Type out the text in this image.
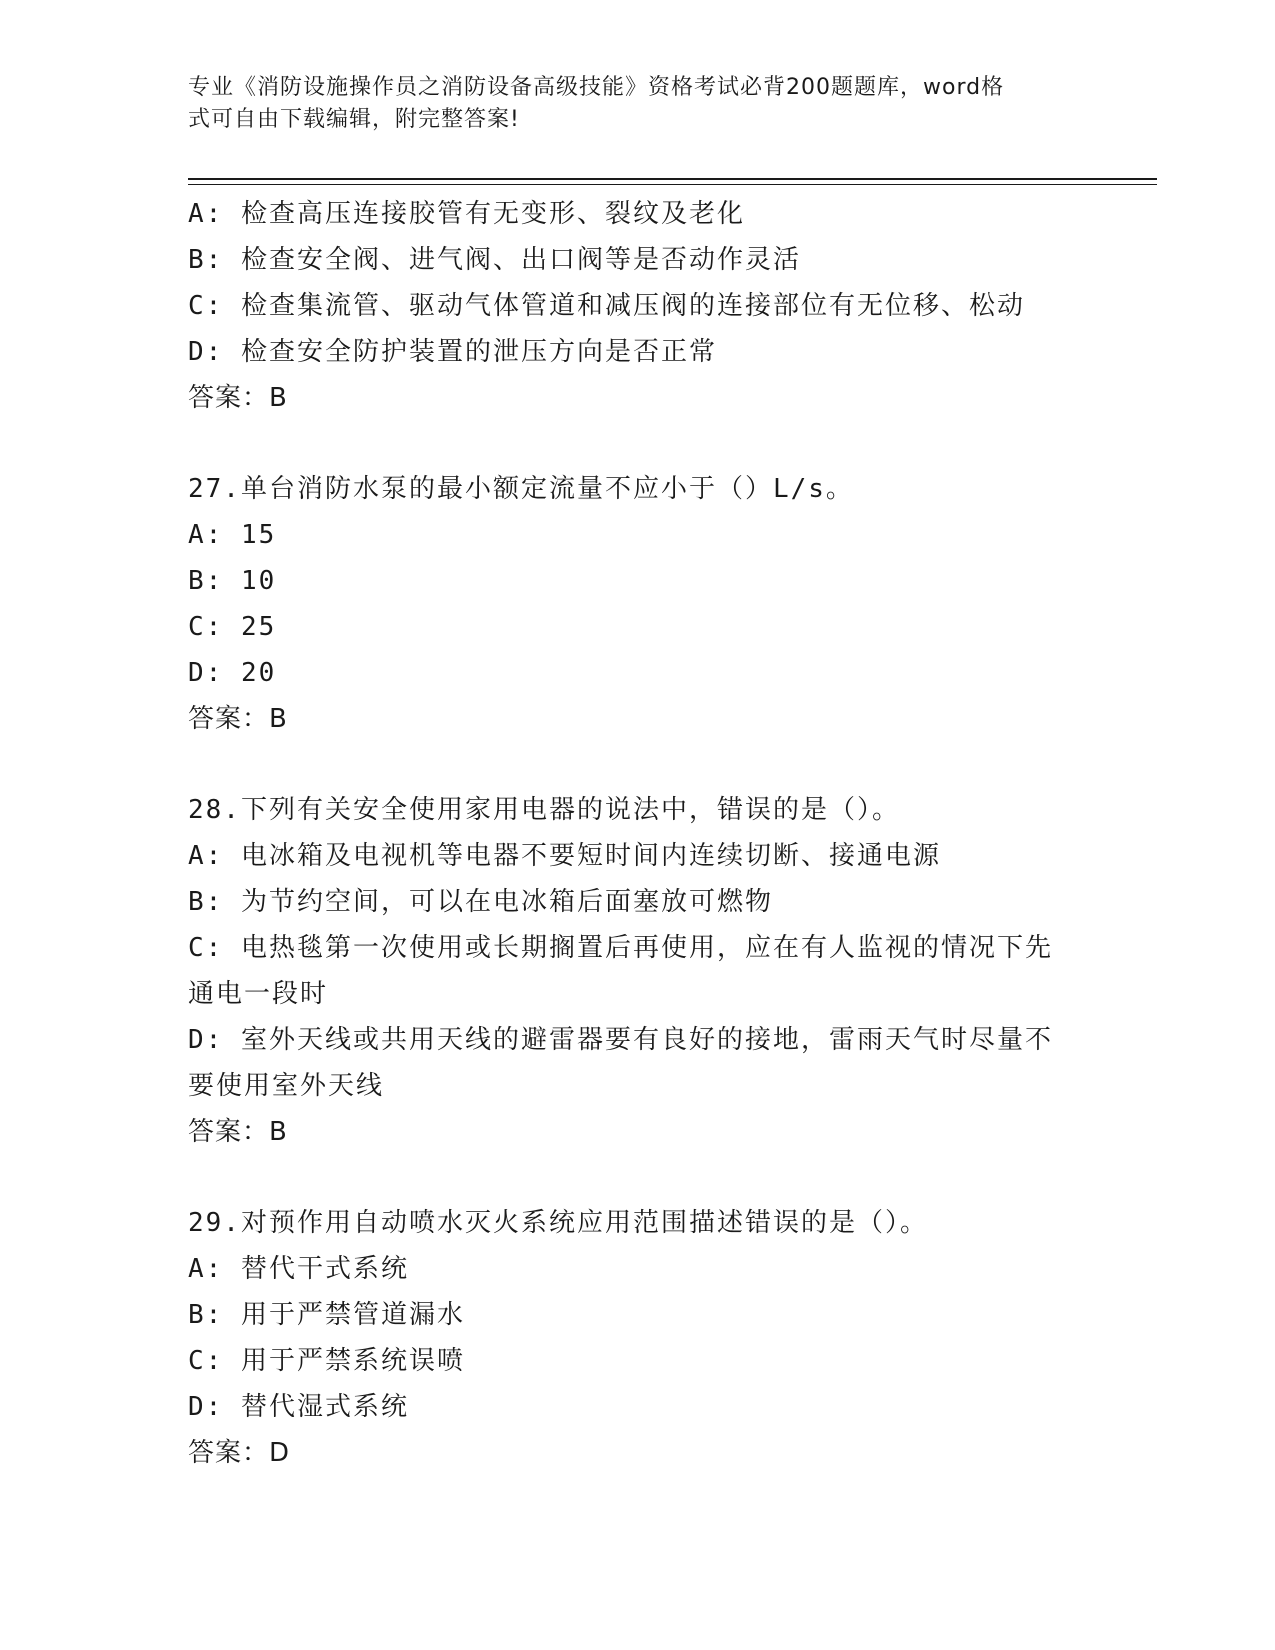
专业《消防设施操作员之消防设备高级技能》资格考试必背200题题库，word格
式可自由下载编辑，附完整答案!
A: 检查高压连接胶管有无变形、裂纹及老化
B: 检查安全阀、进气阀、出口阀等是否动作灵活
C: 检查集流管、驱动气体管道和减压阀的连接部位有无位移、松动
D: 检查安全防护装置的泄压方向是否正常
答案：B
27.单台消防水泵的最小额定流量不应小于（）L/s。
A: 15
B: 10
C: 25
D: 20
答案：B
28.下列有关安全使用家用电器的说法中，错误的是（）。
A: 电冰箱及电视机等电器不要短时间内连续切断、接通电源
B: 为节约空间，可以在电冰箱后面塞放可燃物
C: 电热毯第一次使用或长期搁置后再使用，应在有人监视的情况下先
通电一段时
D: 室外天线或共用天线的避雷器要有良好的接地，雷雨天气时尽量不
要使用室外天线
答案：B
29.对预作用自动喷水灭火系统应用范围描述错误的是（）。
A: 替代干式系统
B: 用于严禁管道漏水
C: 用于严禁系统误喷
D: 替代湿式系统
答案：D
